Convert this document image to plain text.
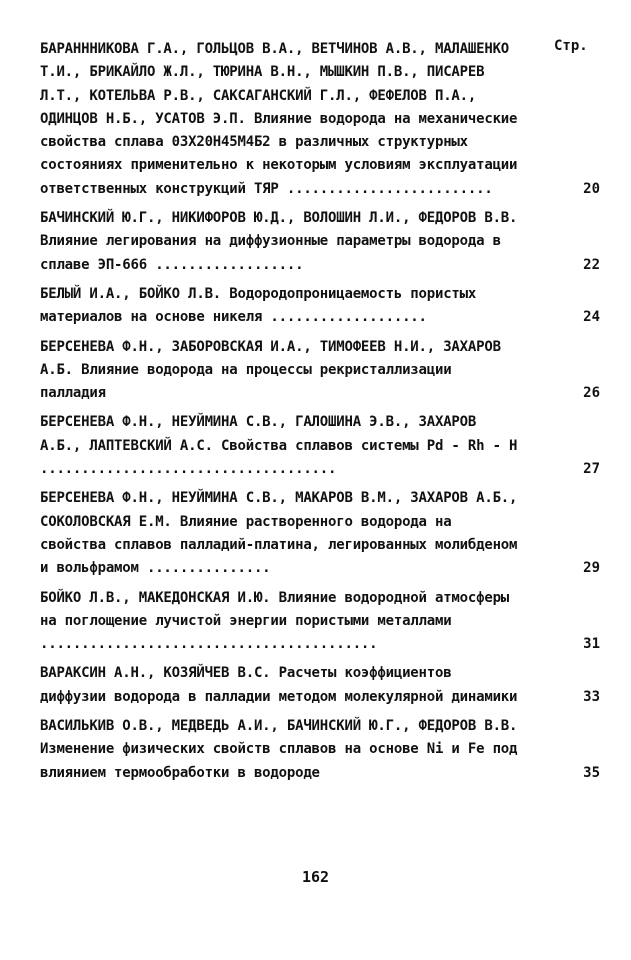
Стр.
БАРАНННИКОВА Г.А., ГОЛЬЦОВ В.А., ВЕТЧИНОВ А.В., МАЛАШЕНКО Т.И., БРИКАЙЛО Ж.Л., ТЮРИНА В.Н., МЫШКИН П.В., ПИСАРЕВ Л.Т., КОТЕЛЬВА Р.В., САКСАГАНСКИЙ Г.Л., ФЕФЕЛОВ П.А., ОДИНЦОВ Н.Б., УСАТОВ Э.П. Влияние водорода на механические свойства сплава 03Х20Н45М4Б2 в различных структурных состояниях применительно к некоторым условиям эксплуатации ответственных конструкций ТЯР .........................	20
БАЧИНСКИЙ Ю.Г., НИКИФОРОВ Ю.Д., ВОЛОШИН Л.И., ФЕДОРОВ В.В. Влияние легирования на диффузионные параметры водорода в сплаве ЭП-666 ..................	22
БЕЛЫЙ И.А., БОЙКО Л.В. Водородопроницаемость пористых материалов на основе никеля ...................	24
БЕРСЕНЕВА Ф.Н., ЗАБОРОВСКАЯ И.А., ТИМОФЕЕВ Н.И., ЗАХАРОВ А.Б. Влияние водорода на процессы рекристаллизации палладия	26
БЕРСЕНЕВА Ф.Н., НЕУЙМИНА С.В., ГАЛОШИНА Э.В., ЗАХАРОВ А.Б., ЛАПТЕВСКИЙ А.С. Свойства сплавов системы Pd - Rh - H ....................................	27
БЕРСЕНЕВА Ф.Н., НЕУЙМИНА С.В., МАКАРОВ В.М., ЗАХАРОВ А.Б., СОКОЛОВСКАЯ Е.М. Влияние растворенного водорода на свойства сплавов палладий-платина, легированных молибденом и вольфрамом ...............	29
БОЙКО Л.В., МАКЕДОНСКАЯ И.Ю. Влияние водородной атмосферы на поглощение лучистой энергии пористыми металлами .........................................	31
ВАРАКСИН А.Н., КОЗЯЙЧЕВ В.С. Расчеты коэффициентов диффузии водорода в палладии методом молекулярной динамики	33
ВАСИЛЬКИВ О.В., МЕДВЕДЬ А.И., БАЧИНСКИЙ Ю.Г., ФЕДОРОВ В.В. Изменение физических свойств сплавов на основе Ni и Fe под влиянием термообработки в водороде	35
162
